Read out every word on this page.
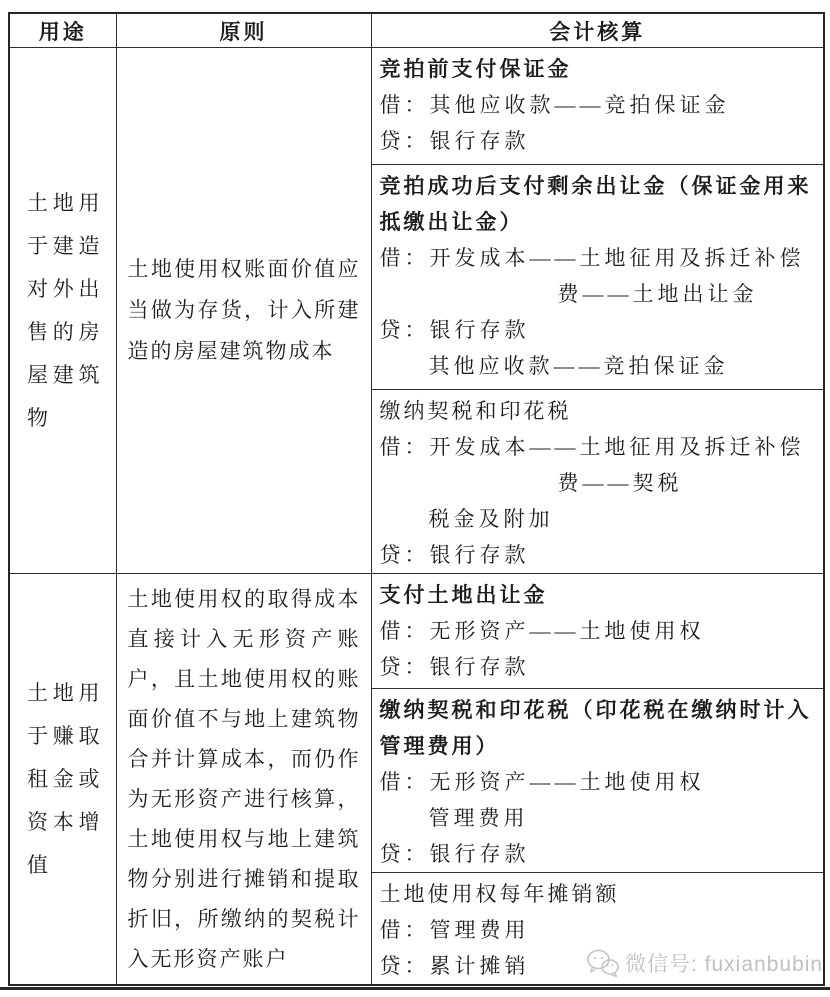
用途	原则	会计核算
土地用于建造对外出售的房屋建筑物	土地使用权账面价值应当做为存货，计入所建造的房屋建筑物成本	竞拍前支付保证金
借：其他应收款——竞拍保证金
贷：银行存款

		竞拍成功后支付剩余出让金（保证金用来抵缴出让金）
借：开发成本——土地征用及拆迁补偿
费——土地出让金
贷：银行存款
其他应收款——竞拍保证金

		缴纳契税和印花税
借：开发成本——土地征用及拆迁补偿
费——契税
税金及附加
贷：银行存款

土地用于赚取租金或资本增值	土地使用权的取得成本直接计入无形资产账户，且土地使用权的账面价值不与地上建筑物合并计算成本，而仍作为无形资产进行核算，土地使用权与地上建筑物分别进行摊销和提取折旧，所缴纳的契税计入无形资产账户	支付土地出让金
借：无形资产——土地使用权
贷：银行存款

		缴纳契税和印花税（印花税在缴纳时计入管理费用）
借：无形资产——土地使用权
管理费用
贷：银行存款

		土地使用权每年摊销额
借：管理费用
贷：累计摊销	微信号: fuxianbubin
